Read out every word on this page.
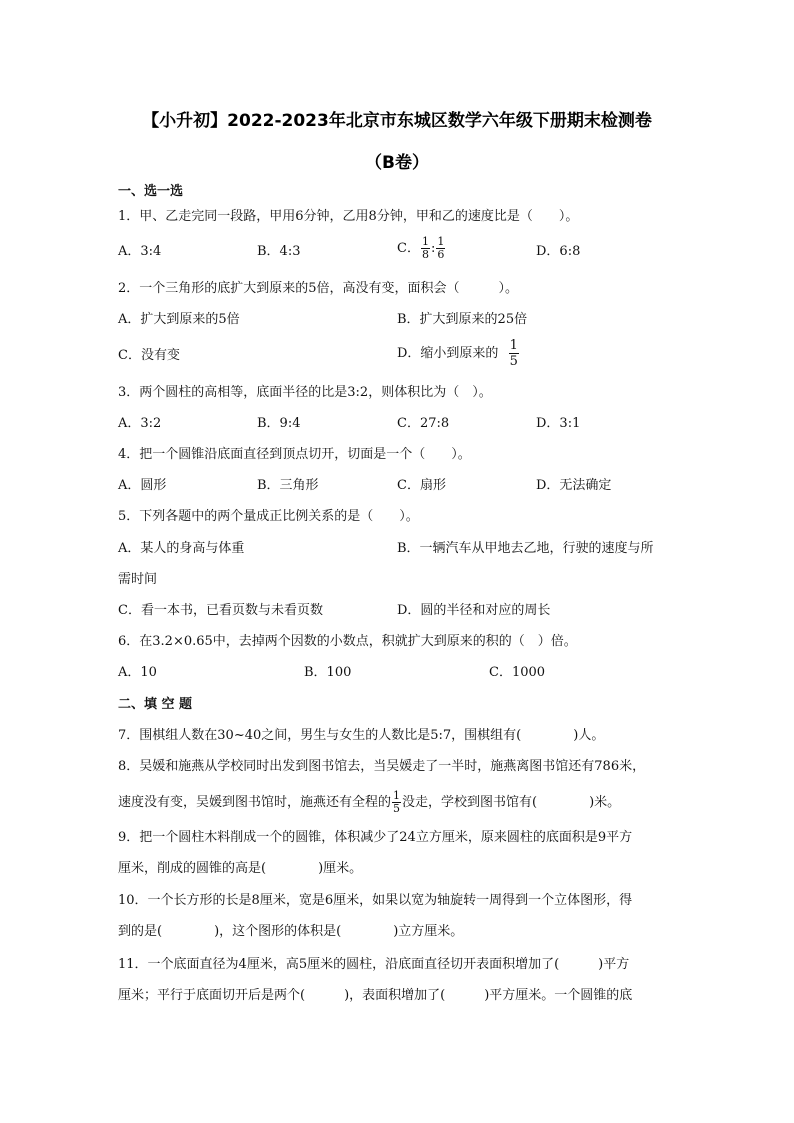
【小升初】2022-2023年北京市东城区数学六年级下册期末检测卷
（B卷）
一、选一选
1．甲、乙走完同一段路，甲用6分钟，乙用8分钟，甲和乙的速度比是（　　）。
A．3:4	B．4:3	C． $\frac{1}{8}$ : $\frac{1}{6}$	D．6:8
2．一个三角形的底扩大到原来的5倍，高没有变，面积会（　　　）。
A．扩大到原来的5倍	B．扩大到原来的25倍
C．没有变	D．缩小到原来的 $\frac{1}{5}$
3．两个圆柱的高相等，底面半径的比是3:2，则体积比为（　）。
A．3:2	B．9:4	C．27:8	D．3:1
4．把一个圆锥沿底面直径到顶点切开，切面是一个（　　）。
A．圆形	B．三角形	C．扇形	D．无法确定
5．下列各题中的两个量成正比例关系的是（　　）。
A．某人的身高与体重	B．一辆汽车从甲地去乙地，行驶的速度与所
需时间
C．看一本书，已看页数与未看页数	D．圆的半径和对应的周长
6．在3.2×0.65中，去掉两个因数的小数点，积就扩大到原来的积的（　）倍。
A．10	B．100	C．1000
二、填 空 题
7．围棋组人数在30~40之间，男生与女生的人数比是5:7，围棋组有(　　　　)人。
8．吴媛和施燕从学校同时出发到图书馆去，当吴媛走了一半时，施燕离图书馆还有786米，
速度没有变，吴媛到图书馆时，施燕还有全程的 $\frac{1}{5}$ 没走，学校到图书馆有(　　　　)米。
9．把一个圆柱木料削成一个的圆锥，体积减少了24立方厘米，原来圆柱的底面积是9平方
厘米，削成的圆锥的高是(　　　　)厘米。
10．一个长方形的长是8厘米，宽是6厘米，如果以宽为轴旋转一周得到一个立体图形，得
到的是(　　　　)，这个图形的体积是(　　　　)立方厘米。
11．一个底面直径为4厘米，高5厘米的圆柱，沿底面直径切开表面积增加了(　　　)平方
厘米；平行于底面切开后是两个(　　　)，表面积增加了(　　　)平方厘米。一个圆锥的底
